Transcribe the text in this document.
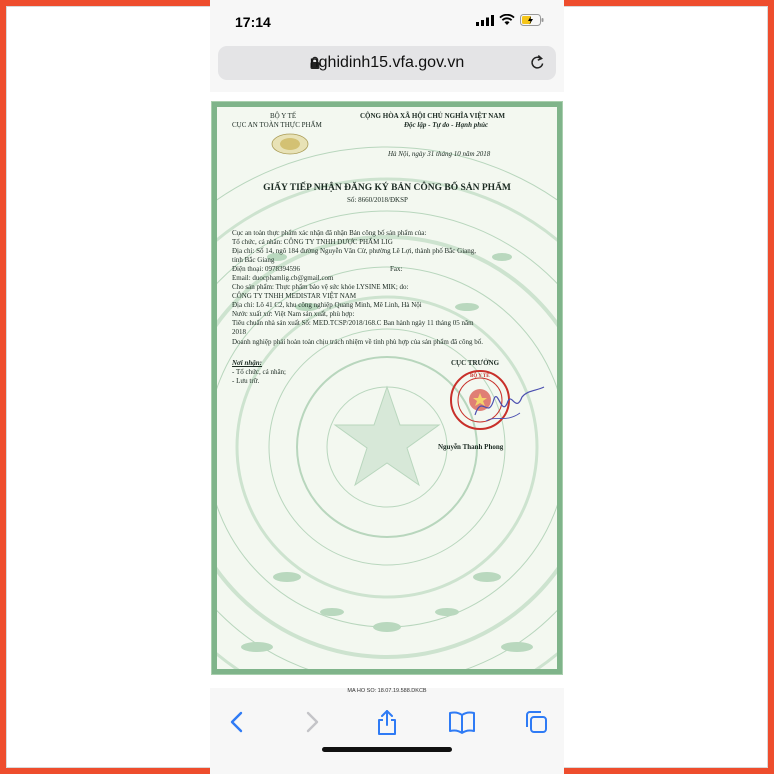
17:14
nghidinh15.vfa.gov.vn
BỘ Y TẾ
CỤC AN TOÀN THỰC PHẨM
CỘNG HÒA XÃ HỘI CHỦ NGHĨA VIỆT NAM
Độc lập - Tự do - Hạnh phúc
Hà Nội, ngày 31 tháng 10 năm 2018
GIẤY TIẾP NHẬN ĐĂNG KÝ BẢN CÔNG BỐ SẢN PHẨM
Số: 8660/2018/ĐKSP
Cục an toàn thực phẩm xác nhận đã nhận Bản công bố sản phẩm của:
Tổ chức, cá nhân: CÔNG TY TNHH DƯỢC PHẨM LIG
Địa chỉ: Số 14, ngõ 184 đường Nguyễn Văn Cừ, phường Lê Lợi, thành phố Bắc Giang,
tỉnh Bắc Giang
Điện thoại: 0978394596	Fax:
Email: duocphamlig.cb@gmail.com
Cho sản phẩm: Thực phẩm bảo vệ sức khỏe LYSINE MIK; do:
CÔNG TY TNHH MEDISTAR VIỆT NAM
Địa chỉ: Lô 41 C2, khu công nghiệp Quang Minh, Mê Linh, Hà Nội
Nước xuất xứ: Việt Nam sản xuất, phù hợp:
Tiêu chuẩn nhà sản xuất Số: MED.TCSP/2018/168.C Ban hành ngày 11 tháng 05 năm
2018
Doanh nghiệp phải hoàn toàn chịu trách nhiệm về tính phù hợp của sản phẩm đã công bố.
Nơi nhận:
- Tổ chức, cá nhân;
- Lưu trữ.
CỤC TRƯỞNG
BỘ Y TẾ
Nguyễn Thanh Phong
MA HO SO: 18.07.19.588.DKCB
